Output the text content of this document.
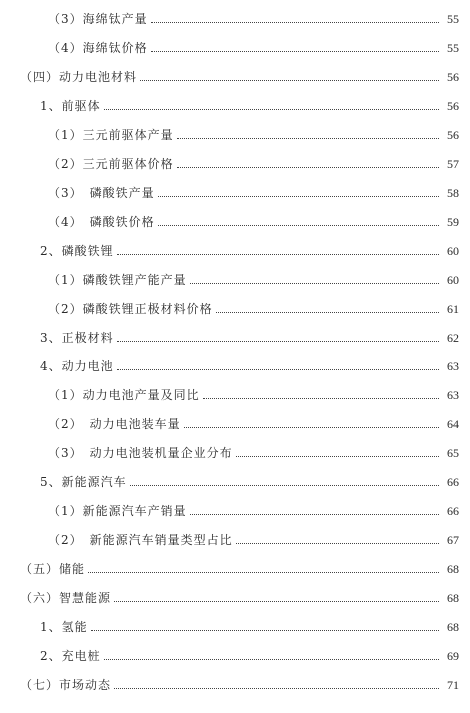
（3）海绵钛产量	55
（4）海绵钛价格	55
（四）动力电池材料	56
1、前驱体	56
（1）三元前驱体产量	56
（2）三元前驱体价格	57
（3）　磷酸铁产量	58
（4）　磷酸铁价格	59
2、磷酸铁锂	60
（1）磷酸铁锂产能产量	60
（2）磷酸铁锂正极材料价格	61
3、正极材料	62
4、动力电池	63
（1）动力电池产量及同比	63
（2）　动力电池装车量	64
（3）　动力电池装机量企业分布	65
5、新能源汽车	66
（1）新能源汽车产销量	66
（2）　新能源汽车销量类型占比	67
（五）储能	68
（六）智慧能源	68
1、氢能	68
2、充电桩	69
（七）市场动态	71
